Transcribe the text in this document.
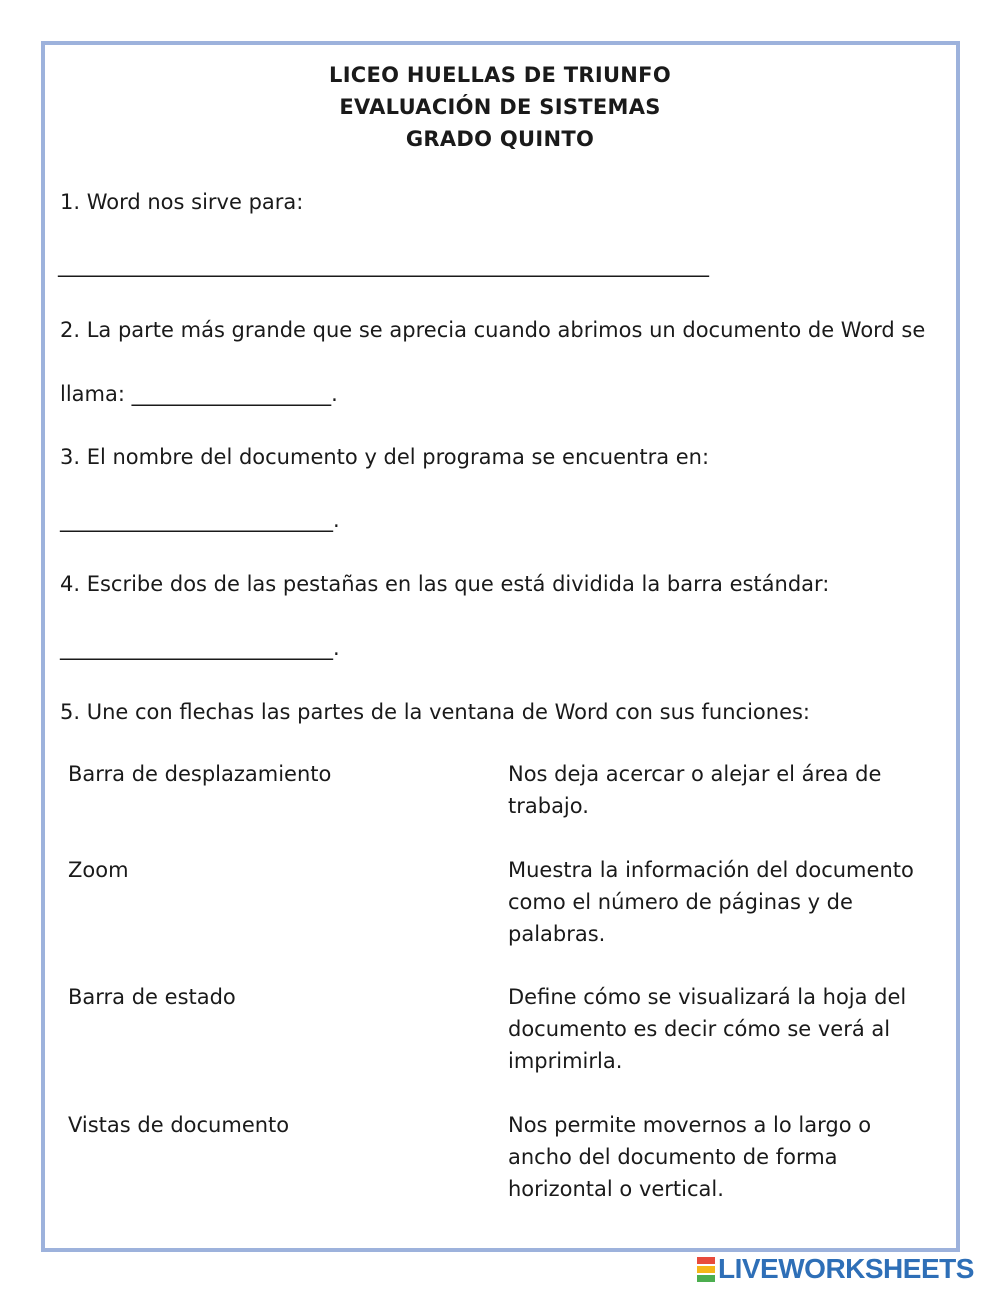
LICEO HUELLAS DE TRIUNFO
EVALUACIÓN DE SISTEMAS
GRADO QUINTO
1. Word nos sirve para:
______________________________________________________________
2. La parte más grande que se aprecia cuando abrimos un documento de Word se
llama: ___________________.
3. El nombre del documento y del programa se encuentra en:
__________________________.
4. Escribe dos de las pestañas en las que está dividida la barra estándar:
__________________________.
5. Une con flechas las partes de la ventana de Word con sus funciones:
Barra de desplazamiento
Zoom
Barra de estado
Vistas de documento
Nos deja acercar o alejar el área de
trabajo.
Muestra la información del documento
como el número de páginas y de
palabras.
Define cómo se visualizará la hoja del
documento es decir cómo se verá al
imprimirla.
Nos permite movernos a lo largo o
ancho del documento de forma
horizontal o vertical.
LIVEWORKSHEETS
